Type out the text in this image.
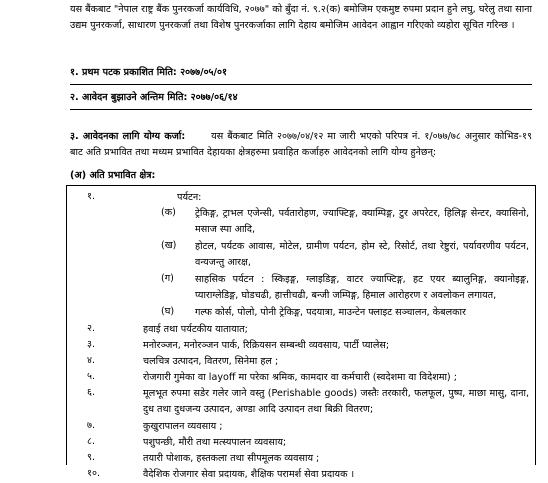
यस बैंकबाट "नेपाल राष्ट्र बैंक पुनरकर्जा कार्यविधि, २०७७" को बुँदा नं. ९.२(क) बमोजिम एकमुष्ट रुपमा प्रदान हुने लघु, घरेलु तथा साना उद्यम पुनरकर्जा, साधारण पुनरकर्जा तथा विशेष पुनरकर्जाका लागि देहाय बमोजिम आवेदन आह्वान गरिएको व्यहोरा सूचित गरिन्छ ।
१. प्रथम पटक प्रकाशित मिति: २०७७/०५/०१
२. आवेदन बुझाउने अन्तिम मिति: २०७७/०६/१४
३. आवेदनका लागि योग्य कर्जा:	यस बैंकबाट मिति २०७७/०४/१२ मा जारी भएको परिपत्र नं. १/०७७/७८ अनुसार कोभिड-१९ बाट अति प्रभावित तथा मध्यम प्रभावित देहायका क्षेत्रहरुमा प्रवाहित कर्जाहरु आवेदनको लागि योग्य हुनेछन्:
(अ) अति प्रभावित क्षेत्र:
१.	पर्यटन:
(क) ट्रेकिङ्ग, ट्राभल एजेन्सी, पर्वतारोहण, ज्याफ्टिङ्ग, क्याम्पिङ्ग, टुर अपरेटर, हिलिङ्ग सेन्टर, क्यासिनो, मसाज स्पा आदि,
(ख) होटल, पर्यटक आवास, मोटेल, ग्रामीण पर्यटन, होम स्टे, रिसोर्ट, तथा रेष्टुरां, पर्यावरणीय पर्यटन, वन्यजन्तु आरक्ष,
(ग) साहसिक पर्यटन : स्किइङ्ग, ग्लाइडिङ्ग, वाटर ज्याफ्टिङ्ग, हट एयर ब्यालुनिङ्ग, क्यानोइङ्ग, प्याराग्लेडिङ्ग, घोडचढी, हात्तीचढी, बन्जी जम्पिङ्ग, हिमाल आरोहरण र अवलोकन लगायत,
(घ) गल्फ कोर्स, पोलो, पोनी ट्रेकिङ्ग, पदयात्रा, माउन्टेन फ्लाइट सञ्चालन, केबलकार
२.	हवाई तथा पर्यटकीय यातायात;
३.	मनोरञ्जन, मनोरञ्जन पार्क, रिक्रियसन सम्बन्धी व्यवसाय, पार्टी प्यालेस;
४.	चलचित्र उत्पादन, वितरण, सिनेमा हल ;
५.	रोजगारी गुमेका वा layoff मा परेका श्रमिक, कामदार वा कर्मचारी (स्वदेशमा वा विदेशमा) ;
६.	मूलभूत रुपमा सडेर गलेर जाने वस्तु (Perishable goods) जस्तैः तरकारी, फलफूल, पुष्प, माछा मासु, दाना, दुध तथा दुधजन्य उत्पादन, अण्डा आदि उत्पादन तथा बिक्री वितरण;
७.	कुखुरापालन व्यवसाय ;
८.	पशुपन्छी, मौरी तथा मत्स्यपालन व्यवसाय;
९.	तयारी पोशाक, हस्तकला तथा सीपमूलक व्यवसाय ;
१०.	वैदेशिक रोजगार सेवा प्रदायक, शैक्षिक परामर्श सेवा प्रदायक ।
